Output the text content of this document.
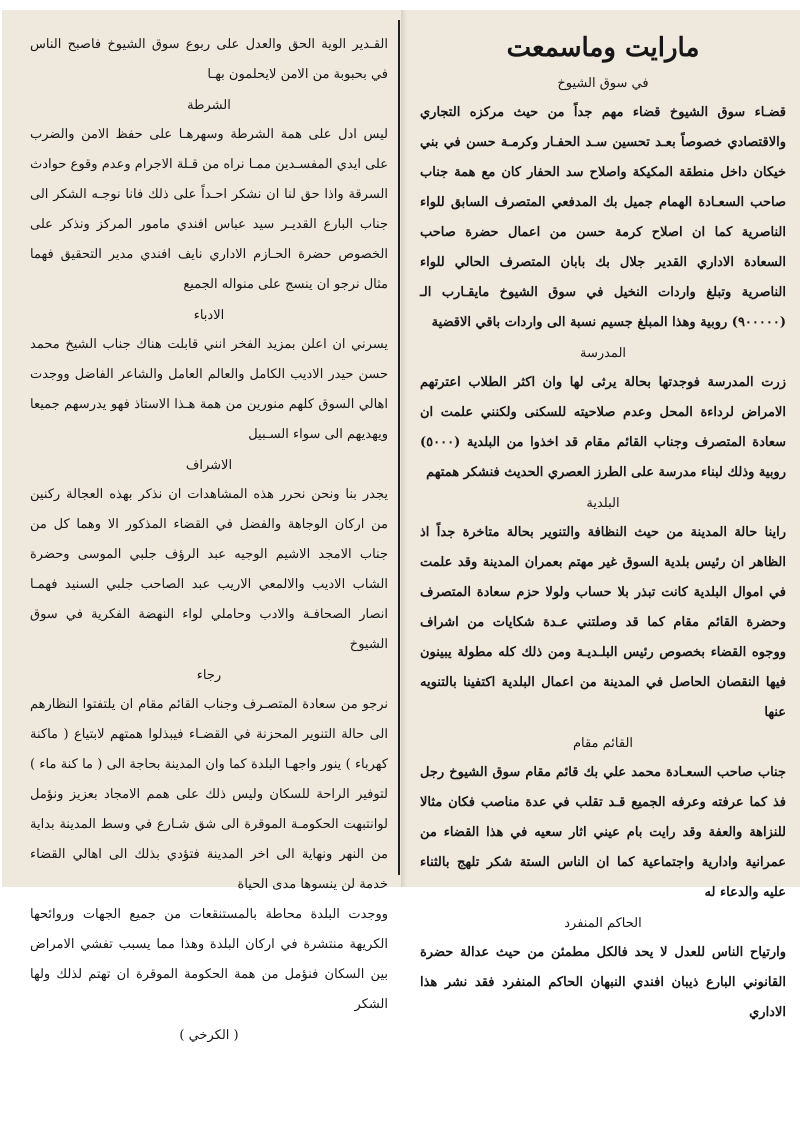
مارايت وماسمعت
في سوق الشيوخ

قضـاء سوق الشيوخ قضاء مهم جداً من حيث مركزه التجاري والاقتصادي خصوصاً بعـد تحسين سـد الحفـار وكرمـة حسن في بني خيكان داخل منطقة المكيكة واصلاح سد الحفار كان مع همة جناب صاحب السعـادة الهمام جميل بك المدفعي المتصرف السابق للواء الناصرية كما ان اصلاح كرمة حسن من اعمال حضرة صاحب السعادة الاداري القدير جلال بك بابان المتصرف الحالي للواء الناصرية وتبلغ واردات النخيل في سوق الشيوخ مايقـارب الـ (٩٠٠٠٠٠) روبية وهذا المبلغ جسيم نسبة الى واردات باقي الاقضية

المدرسة

زرت المدرسة فوجدتها بحالة يرثى لها وان اكثر الطلاب اعترتهم الامراض لرداءة المحل وعدم صلاحيته للسكنى ولكنني علمت ان سعادة المتصرف وجناب القائم مقام قد اخذوا من البلدية (٥٠٠٠) روبية وذلك لبناء مدرسة على الطرز العصري الحديث فنشكر همتهم

البلدية

راينا حالة المدينة من حيث النظافة والتنوير بحالة متاخرة جداً اذ الظاهر ان رئيس بلدية السوق غير مهتم بعمران المدينة وقد علمت في اموال البلدية كانت تبذر بلا حساب ولولا حزم سعادة المتصرف وحضرة القائم مقام كما قد وصلتني عـدة شكايات من اشراف ووجوه القضاء بخصوص رئيس البلـديـة ومن ذلك كله مطولة يبينون فيها النقصان الحاصل في المدينة من اعمال البلدية اكتفينا بالتنويه عنها

القائم مقام

جناب صاحب السعـادة محمد علي بك قائم مقام سوق الشيوخ رجل فذ كما عرفته وعرفه الجميع قـد تقلب في عدة مناصب فكان مثالا للنزاهة والعفة وقد رايت بام عيني اثار سعيه في هذا القضاء من عمرانية وادارية واجتماعية كما ان الناس الستة شكر تلهج بالثناء عليه والدعاء له

الحاكم المنفرد

وارتياح الناس للعدل لا يحد فالكل مطمئن من حيث عدالة حضرة القانوني البارع ذيبان افندي النبهان الحاكم المنفرد فقد نشر هذا الاداري

القـدير الوية الحق والعدل على ربوع سوق الشيوخ فاصبح الناس في بحبوبة من الامن لايحلمون بهـا

الشرطة

ليس ادل على همة الشرطة وسهرهـا على حفظ الامن والضرب على ايدي المفسـدين ممـا نراه من قـلة الاجرام وعدم وقوع حوادث السرقة واذا حق لنا ان نشكر احـداً على ذلك فانا نوجـه الشكر الى جناب البارع القديـر سيد عباس افندي مامور المركز ونذكر على الخصوص حضرة الحـازم الاداري نايف افندي مدير التحقيق فهما مثال نرجو ان ينسج على منواله الجميع

الادباء

يسرني ان اعلن بمزيد الفخر انني قابلت هناك جناب الشيخ محمد حسن حيدر الاديب الكامل والعالم العامل والشاعر الفاضل ووجدت اهالي السوق كلهم منورين من همة هـذا الاستاذ فهو يدرسهم جميعا ويهديهم الى سواء السـبيل

الاشراف

يجدر بنا ونحن نحرر هذه المشاهدات ان نذكر بهذه العجالة ركنين من اركان الوجاهة والفضل في القضاء المذكور الا وهما كل من جناب الامجد الاشيم الوجيه عبد الرؤف جلبي الموسى وحضرة الشاب الاديب والالمعي الاريب عبد الصاحب جلبي السنيد فهمـا انصار الصحافـة والادب وحاملي لواء النهضة الفكرية في سوق الشيوخ

رجاء

نرجو من سعادة المتصـرف وجناب القائم مقام ان يلتفتوا النظارهم الى حالة التنوير المحزنة في القضـاء فيبذلوا همتهم لابتياع ( ماكنة كهرباء ) ينور واجهـا البلدة كما وان المدينة بحاجة الى ( ما كنة ماء ) لتوفير الراحة للسكان وليس ذلك على همم الامجاد بعزيز ونؤمل لوانتبهت الحكومـة الموقرة الى شق شـارع في وسط المدينة بداية من النهر ونهاية الى اخر المدينة فتؤدي بذلك الى اهالي القضاء خدمة لن ينسوها مدى الحياة

ووجدت البلدة محاطة بالمستنقعات من جميع الجهات وروائحها الكريهة منتشرة في اركان البلدة وهذا مما يسبب تفشي الامراض بين السكان فنؤمل من همة الحكومة الموقرة ان تهتم لذلك ولها الشكر

( الكرخي )
